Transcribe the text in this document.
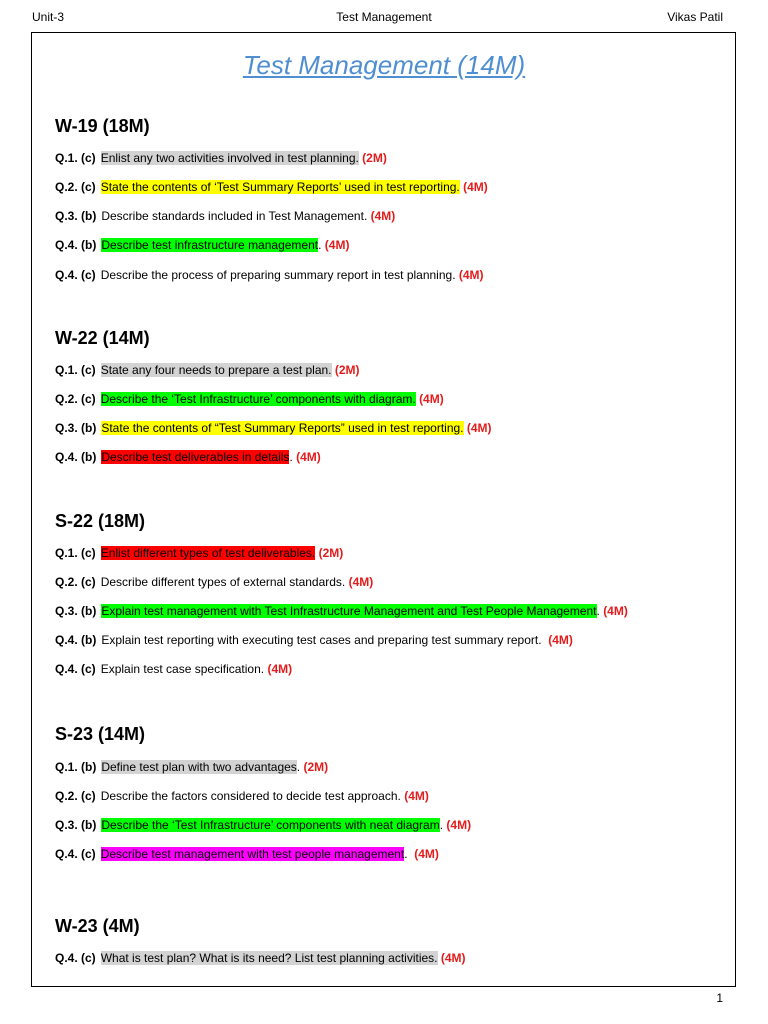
Unit-3	Test Management	Vikas Patil
Test Management (14M)
W-19 (18M)
Q.1. (c) Enlist any two activities involved in test planning. (2M)
Q.2. (c) State the contents of ‘Test Summary Reports’ used in test reporting. (4M)
Q.3. (b) Describe standards included in Test Management. (4M)
Q.4. (b) Describe test infrastructure management. (4M)
Q.4. (c) Describe the process of preparing summary report in test planning. (4M)
W-22 (14M)
Q.1. (c) State any four needs to prepare a test plan. (2M)
Q.2. (c) Describe the ‘Test Infrastructure’ components with diagram. (4M)
Q.3. (b) State the contents of “Test Summary Reports” used in test reporting. (4M)
Q.4. (b) Describe test deliverables in details. (4M)
S-22 (18M)
Q.1. (c) Enlist different types of test deliverables. (2M)
Q.2. (c) Describe different types of external standards. (4M)
Q.3. (b) Explain test management with Test Infrastructure Management and Test People Management. (4M)
Q.4. (b) Explain test reporting with executing test cases and preparing test summary report. (4M)
Q.4. (c) Explain test case specification. (4M)
S-23 (14M)
Q.1. (b) Define test plan with two advantages. (2M)
Q.2. (c) Describe the factors considered to decide test approach. (4M)
Q.3. (b) Describe the ‘Test Infrastructure’ components with neat diagram. (4M)
Q.4. (c) Describe test management with test people management.  (4M)
W-23 (4M)
Q.4. (c) What is test plan? What is its need? List test planning activities. (4M)
1
